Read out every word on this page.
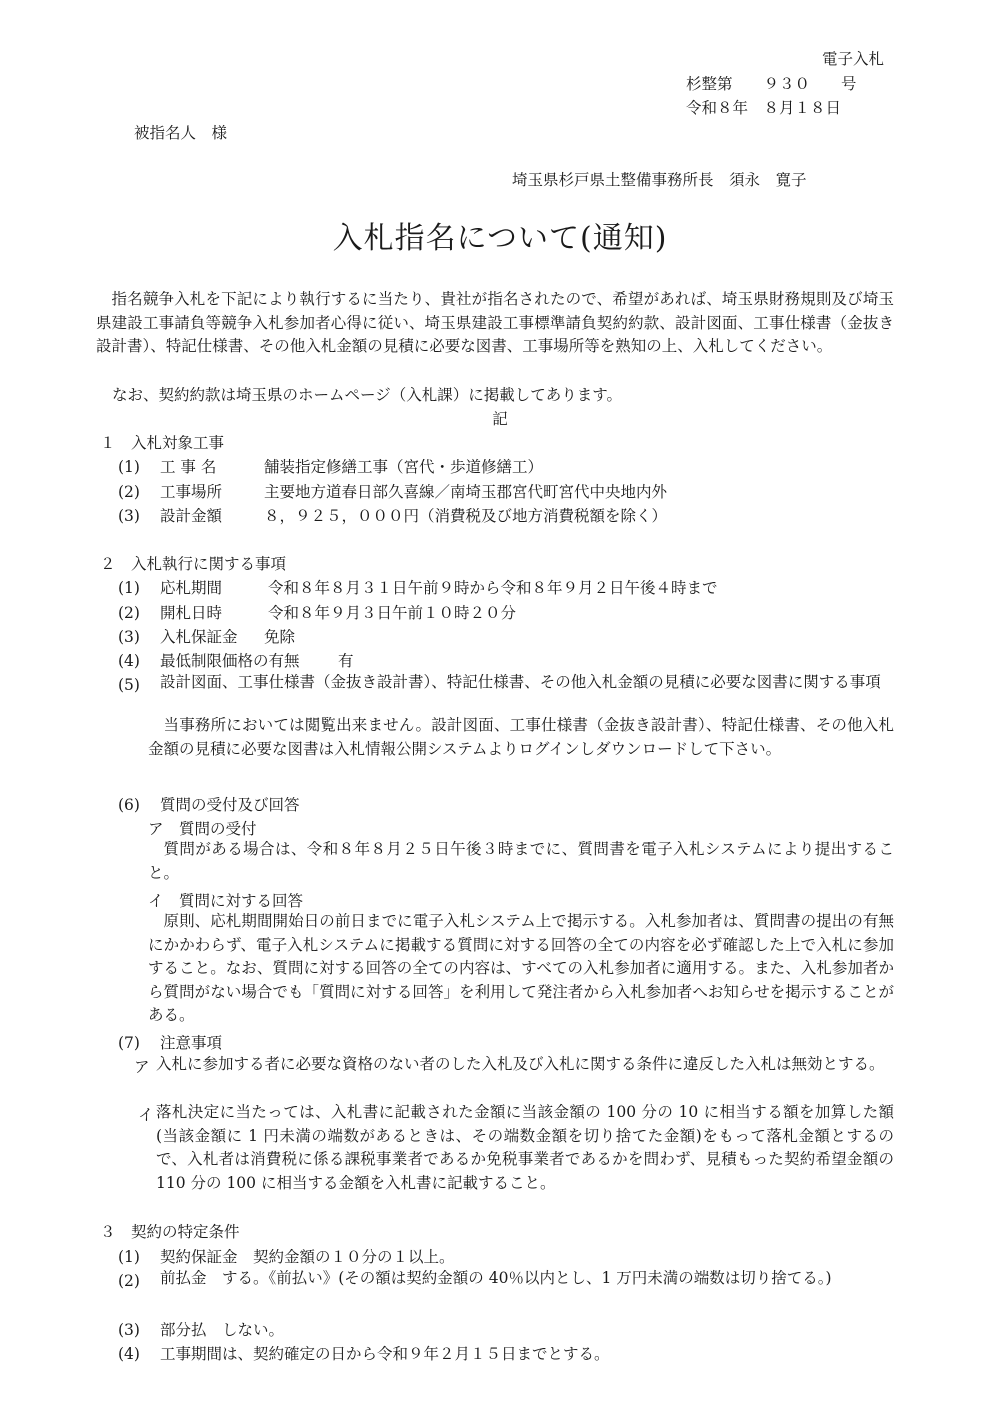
電子入札
杉整第　　９３０　　号
令和８年　８月１８日
被指名人　様
埼玉県杉戸県土整備事務所長　須永　寛子
入札指名について(通知)
指名競争入札を下記により執行するに当たり、貴社が指名されたので、希望があれば、埼玉県財務規則及び埼玉県建設工事請負等競争入札参加者心得に従い、埼玉県建設工事標準請負契約約款、設計図面、工事仕様書（金抜き設計書）、特記仕様書、その他入札金額の見積に必要な図書、工事場所等を熟知の上、入札してください。
なお、契約約款は埼玉県のホームページ（入札課）に掲載してあります。
記
１　入札対象工事
(1) 工 事 名	舗装指定修繕工事（宮代・歩道修繕工）
(2) 工事場所	主要地方道春日部久喜線／南埼玉郡宮代町宮代中央地内外
(3) 設計金額	８，９２５，０００円（消費税及び地方消費税額を除く）
２　入札執行に関する事項
(1) 応札期間	令和８年８月３１日午前９時から令和８年９月２日午後４時まで
(2) 開札日時	令和８年９月３日午前１０時２０分
(3) 入札保証金 免除
(4) 最低制限価格の有無 有
(5) 設計図面、工事仕様書（金抜き設計書）、特記仕様書、その他入札金額の見積に必要な図書に関する事項
当事務所においては閲覧出来ません。設計図面、工事仕様書（金抜き設計書）、特記仕様書、その他入札金額の見積に必要な図書は入札情報公開システムよりログインしダウンロードして下さい。
(6) 質問の受付及び回答
ア　質問の受付
質問がある場合は、令和８年８月２５日午後３時までに、質問書を電子入札システムにより提出すること。
イ　質問に対する回答
原則、応札期間開始日の前日までに電子入札システム上で掲示する。入札参加者は、質問書の提出の有無にかかわらず、電子入札システムに掲載する質問に対する回答の全ての内容を必ず確認した上で入札に参加すること。なお、質問に対する回答の全ての内容は、すべての入札参加者に適用する。また、入札参加者から質問がない場合でも「質問に対する回答」を利用して発注者から入札参加者へお知らせを掲示することがある。
(7) 注意事項
ア 入札に参加する者に必要な資格のない者のした入札及び入札に関する条件に違反した入札は無効とする。
イ 落札決定に当たっては、入札書に記載された金額に当該金額の 100 分の 10 に相当する額を加算した額(当該金額に 1 円未満の端数があるときは、その端数金額を切り捨てた金額)をもって落札金額とするので、入札者は消費税に係る課税事業者であるか免税事業者であるかを問わず、見積もった契約希望金額の 110 分の 100 に相当する金額を入札書に記載すること。
３　契約の特定条件
(1) 契約保証金　契約金額の１０分の１以上。
(2) 前払金　する。《前払い》(その額は契約金額の 40％以内とし、1 万円未満の端数は切り捨てる。)
(3) 部分払　しない。
(4) 工事期間は、契約確定の日から令和９年２月１５日までとする。
